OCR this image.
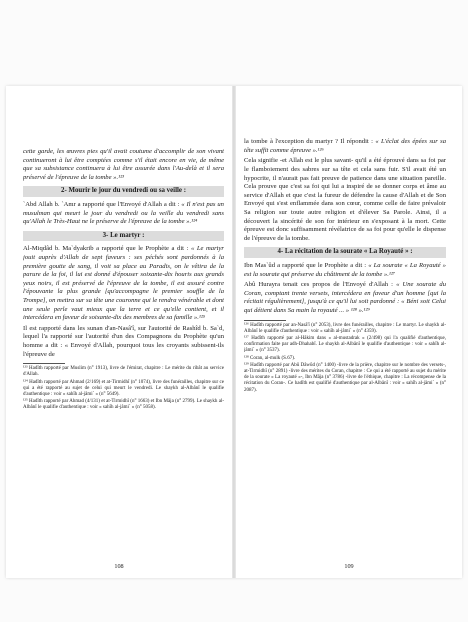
cette garde, les œuvres pies qu'il avait coutume d'accomplir de son vivant continueront à lui être comptées comme s'il était encore en vie, de même que sa subsistance continuera à lui être assurée dans l'Au-delà et il sera préservé de l'épreuve de la tombe ».¹²³

2- Mourir le jour du vendredi ou sa veille :

`Abd Allah b. `Amr a rapporté que l'Envoyé d'Allah a dit : « Il n'est pas un musulman qui meurt le jour du vendredi ou la veille du vendredi sans qu'Allah le Très-Haut ne le préserve de l'épreuve de la tombe ».¹²⁴

3- Le martyr :

Al-Miqdâd b. Ma`dyakrib a rapporté que le Prophète a dit : « Le martyr jouit auprès d'Allah de sept faveurs : ses péchés sont pardonnés à la première goutte de sang, il voit sa place au Paradis, on le vêtira de la parure de la foi, il lui est donné d'épouser soixante-dix houris aux grands yeux noirs, il est préservé de l'épreuve de la tombe, il est assuré contre l'épouvante la plus grande [qu'accompagne le premier souffle de la Trompe], on mettra sur sa tête une couronne qui le rendra vénérable et dont une seule perle vaut mieux que la terre et ce qu'elle contient, et il intercédera en faveur de soixante-dix des membres de sa famille ».¹²⁵

Il est rapporté dans les sunan d'an-Nasâ'î, sur l'autorité de Rashîd b. Sa`d, lequel l'a rapporté sur l'autorité d'un des Compagnons du Prophète qu'un homme a dit : « Envoyé d'Allah, pourquoi tous les croyants subissent-ils l'épreuve de

¹²³ Hadîth rapporté par Muslim (n° 1913), livre de l'émirat, chapitre : Le mérite du ribât au service d'Allah.

¹²⁴ Hadîth rapporté par Ahmad (2/169) et at-Tirmidhî (n° 1074), livre des funérailles, chapitre sur ce qui a été rapporté au sujet de celui qui meurt le vendredi. Le shaykh al-Albânî le qualifie d'authentique : voir « sahîh al-jâmi` » (n° 5649).

¹²⁵ Hadîth rapporté par Ahmad (4/131) et at-Tirmidhî (n° 1663) et Ibn Mâja (n° 2799). Le shaykh al-Albânî le qualifie d'authentique : voir « sahîh al-jâmi` » (n° 5058).

108

la tombe à l'exception du martyr ? Il répondit : « L'éclat des épées sur sa tête suffit comme épreuve ».¹²⁶

Cela signifie -et Allah est le plus savant- qu'il a été éprouvé dans sa foi par le flamboiement des sabres sur sa tête et cela sans fuir. S'il avait été un hypocrite, il n'aurait pas fait preuve de patience dans une situation pareille. Cela prouve que c'est sa foi qui lui a inspiré de se donner corps et âme au service d'Allah et que c'est la fureur de défendre la cause d'Allah et de Son Envoyé qui s'est enflammée dans son cœur, comme celle de faire prévaloir Sa religion sur toute autre religion et d'élever Sa Parole. Ainsi, il a découvert la sincérité de son for intérieur en s'exposant à la mort. Cette épreuve est donc suffisamment révélatrice de sa foi pour qu'elle le dispense de l'épreuve de la tombe.

4- La récitation de la sourate « La Royauté » :

Ibn Mas`ûd a rapporté que le Prophète a dit : « La sourate « La Royauté » est la sourate qui préserve du châtiment de la tombe ».¹²⁷

Abû Hurayra tenait ces propos de l'Envoyé d'Allah : « Une sourate du Coran, comptant trente versets, intercédera en faveur d'un homme [qui la récitait régulièrement], jusqu'à ce qu'il lui soit pardonné : « Béni soit Celui qui détient dans Sa main la royauté ... » ¹²⁸ ».¹²⁹

¹²⁶ Hadîth rapporté par an-Nasâ'î (n° 2053), livre des funérailles, chapitre : Le martyr. Le shaykh al-Albânî le qualifie d'authentique : voir « sahîh al-jâmi` » (n° 4359).

¹²⁷ Hadîth rapporté par al-Hâkim dans « al-mustadrak » (2/498) qui l'a qualifié d'authentique, confirmation faite par adh-Dhahabî. Le shaykh al-Albânî le qualifie d'authentique : voir « sahîh al-jâmi` » (n° 3537).

¹²⁸ Coran, al-mulk (S.67).

¹²⁹ Hadîth rapporté par Abû Dâwûd (n° 1400) -livre de la prière, chapitre sur le nombre des versets-, at-Tirmidhî (n° 2891) -livre des mérites du Coran, chapitre : Ce qui a été rapporté au sujet du mérite de la sourate « La royauté »-, Ibn Mâja (n° 3786) -livre de l'éthique, chapitre : La récompense de la récitation du Coran-. Ce hadîth est qualifié d'authentique par al-Albânî : voir « sahîh al-jâmi` » (n° 2087).

109
